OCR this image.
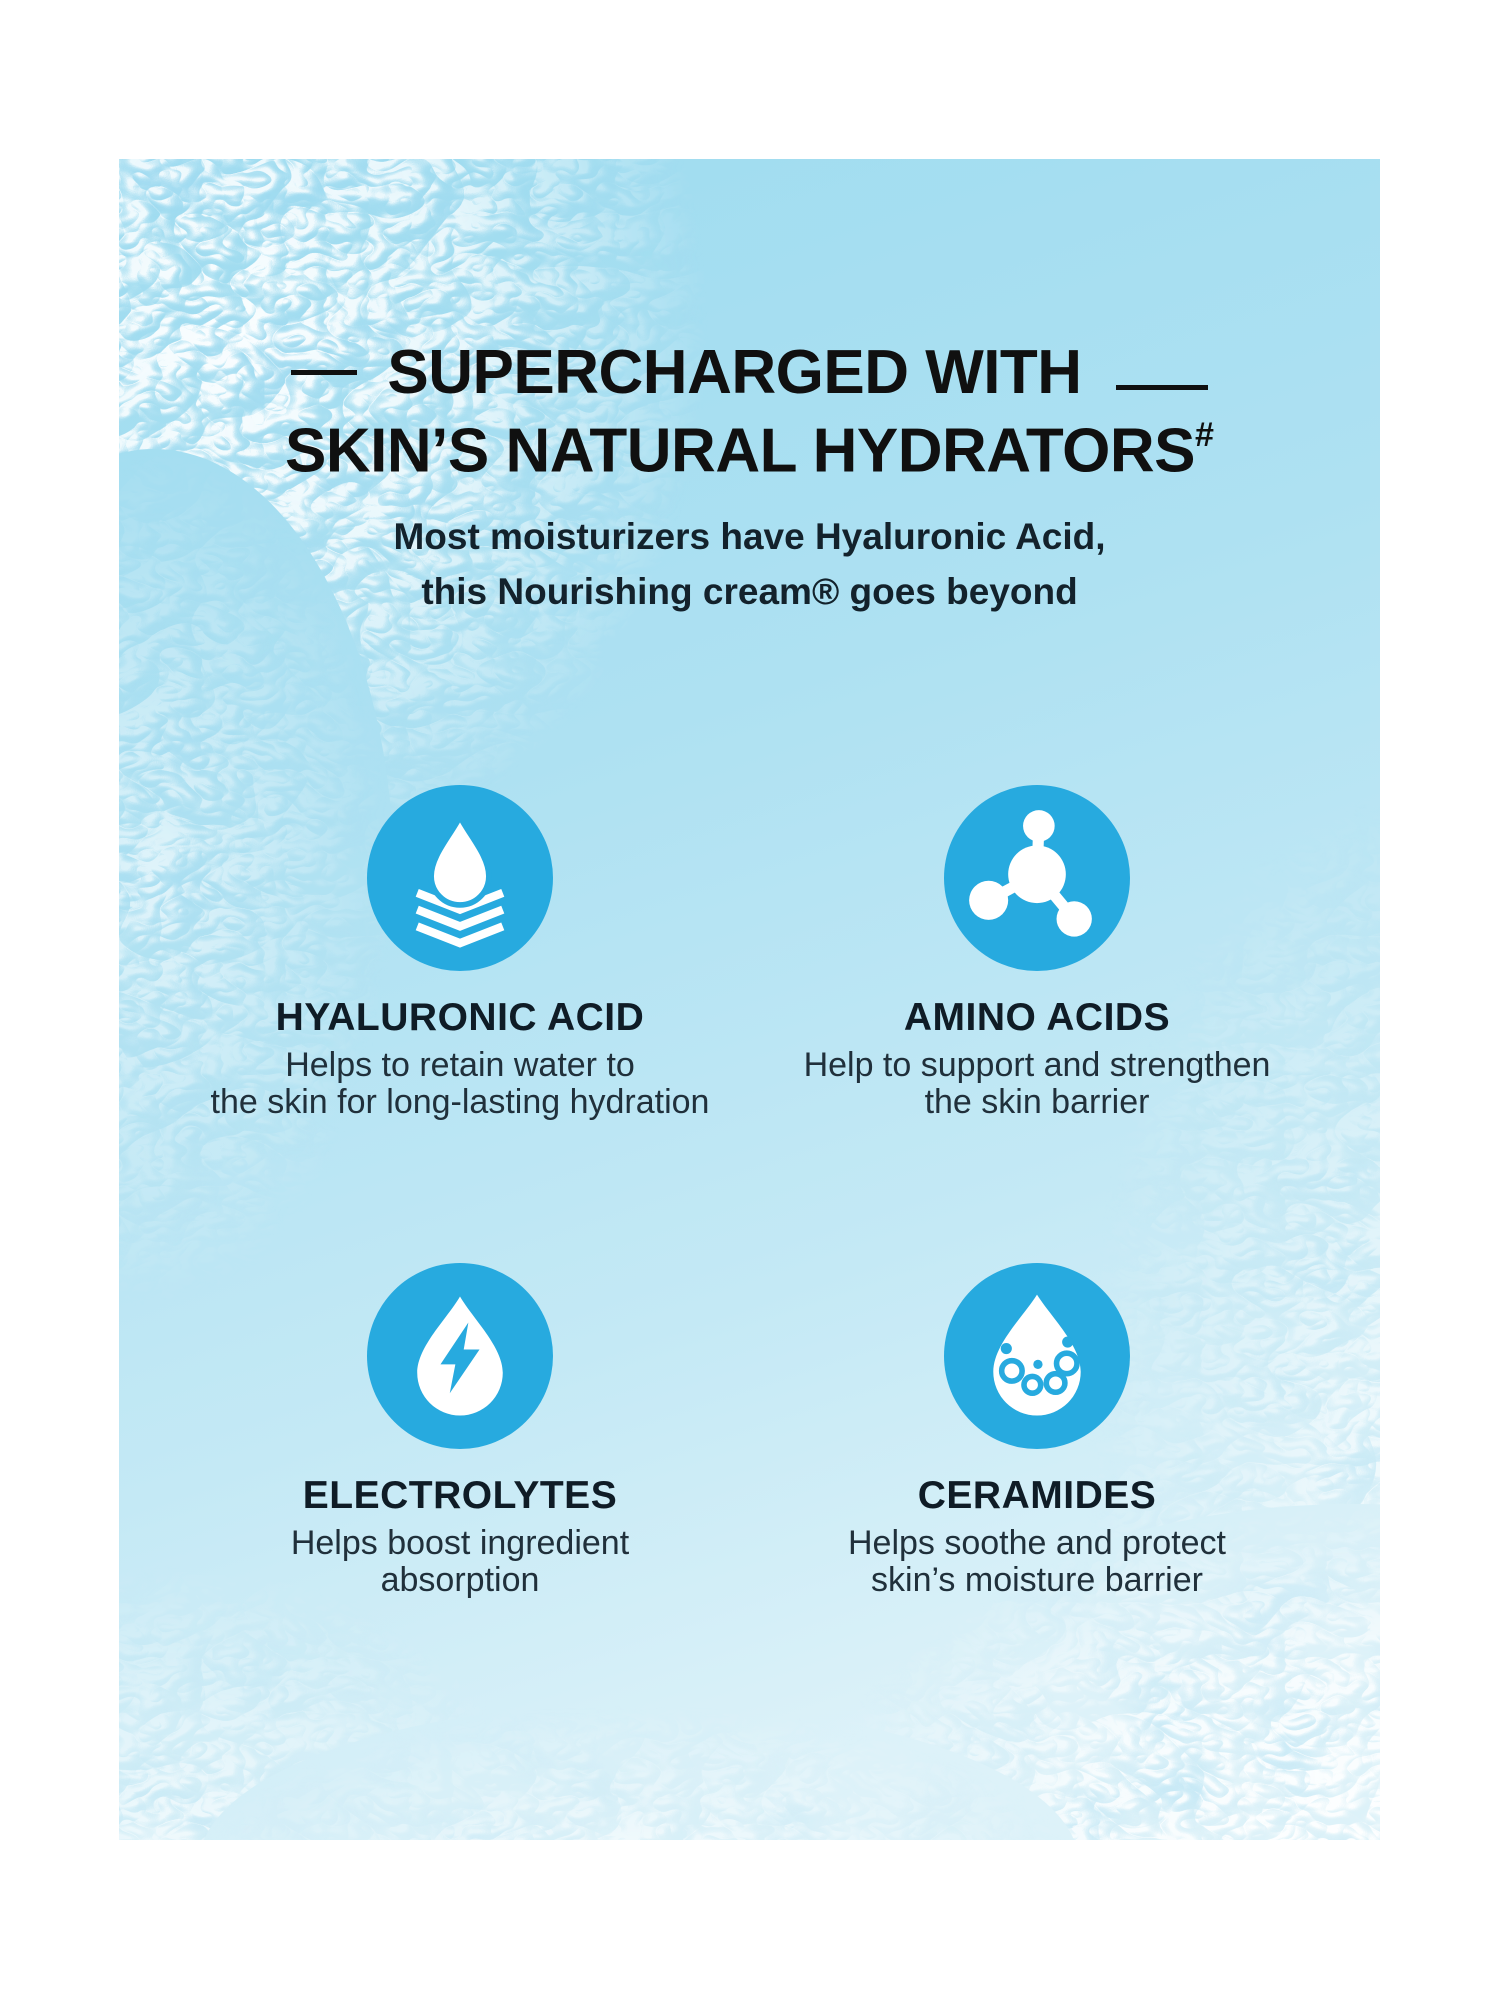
SUPERCHARGED WITH
SKIN’S NATURAL HYDRATORS#
Most moisturizers have Hyaluronic Acid,
this Nourishing cream® goes beyond
HYALURONIC ACID
Helps to retain water to
the skin for long-lasting hydration
AMINO ACIDS
Help to support and strengthen
the skin barrier
ELECTROLYTES
Helps boost ingredient
absorption
CERAMIDES
Helps soothe and protect
skin’s moisture barrier
